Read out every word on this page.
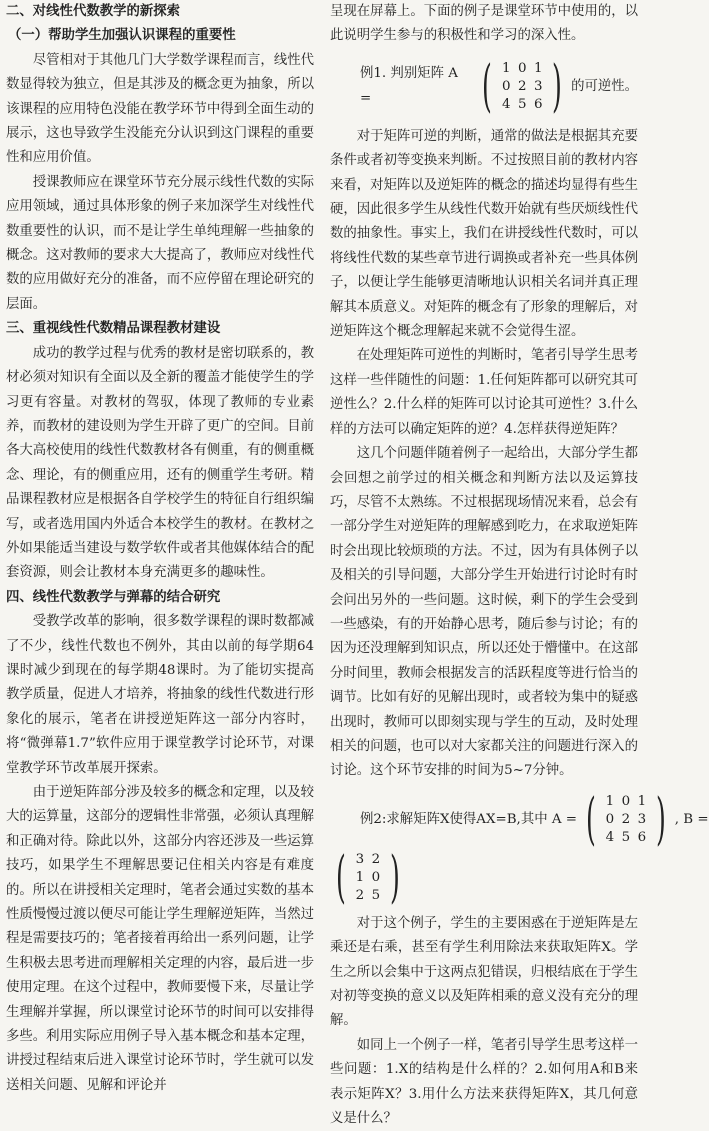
二、对线性代数教学的新探索
（一）帮助学生加强认识课程的重要性
尽管相对于其他几门大学数学课程而言，线性代数显得较为独立，但是其涉及的概念更为抽象，所以该课程的应用特色没能在教学环节中得到全面生动的展示，这也导致学生没能充分认识到这门课程的重要性和应用价值。
授课教师应在课堂环节充分展示线性代数的实际应用领域，通过具体形象的例子来加深学生对线性代数重要性的认识，而不是让学生单纯理解一些抽象的概念。这对教师的要求大大提高了，教师应对线性代数的应用做好充分的准备，而不应停留在理论研究的层面。
三、重视线性代数精品课程教材建设
成功的教学过程与优秀的教材是密切联系的，教材必须对知识有全面以及全新的覆盖才能使学生的学习更有容量。对教材的驾驭，体现了教师的专业素养，而教材的建设则为学生开辟了更广的空间。目前各大高校使用的线性代数教材各有侧重，有的侧重概念、理论，有的侧重应用，还有的侧重学生考研。精品课程教材应是根据各自学校学生的特征自行组织编写，或者选用国内外适合本校学生的教材。在教材之外如果能适当建设与数学软件或者其他媒体结合的配套资源，则会让教材本身充满更多的趣味性。
四、线性代数教学与弹幕的结合研究
受教学改革的影响，很多数学课程的课时数都减了不少，线性代数也不例外，其由以前的每学期64课时减少到现在的每学期48课时。为了能切实提高教学质量，促进人才培养，将抽象的线性代数进行形象化的展示，笔者在讲授逆矩阵这一部分内容时，将“微弹幕1.7”软件应用于课堂教学讨论环节，对课堂教学环节改革展开探索。
由于逆矩阵部分涉及较多的概念和定理，以及较大的运算量，这部分的逻辑性非常强，必须认真理解和正确对待。除此以外，这部分内容还涉及一些运算技巧，如果学生不理解思要记住相关内容是有难度的。所以在讲授相关定理时，笔者会通过实数的基本性质慢慢过渡以便尽可能让学生理解逆矩阵，当然过程是需要技巧的；笔者接着再给出一系列问题，让学生积极去思考进而理解相关定理的内容，最后进一步使用定理。在这个过程中，教师要慢下来，尽量让学生理解并掌握，所以课堂讨论环节的时间可以安排得多些。利用实际应用例子导入基本概念和基本定理，讲授过程结束后进入课堂讨论环节时，学生就可以发送相关问题、见解和评论并
呈现在屏幕上。下面的例子是课堂环节中使用的，以此说明学生参与的积极性和学习的深入性。
例1. 判别矩阵 A =	( 1 0 1
0 2 3
4 5 6 ) 的可逆性。
对于矩阵可逆的判断，通常的做法是根据其充要条件或者初等变换来判断。不过按照目前的教材内容来看，对矩阵以及逆矩阵的概念的描述均显得有些生硬，因此很多学生从线性代数开始就有些厌烦线性代数的抽象性。事实上，我们在讲授线性代数时，可以将线性代数的某些章节进行调换或者补充一些具体例子，以便让学生能够更清晰地认识相关名词并真正理解其本质意义。对矩阵的概念有了形象的理解后，对逆矩阵这个概念理解起来就不会觉得生涩。
在处理矩阵可逆性的判断时，笔者引导学生思考这样一些伴随性的问题：1.任何矩阵都可以研究其可逆性么？2.什么样的矩阵可以讨论其可逆性？3.什么样的方法可以确定矩阵的逆？4.怎样获得逆矩阵？
这几个问题伴随着例子一起给出，大部分学生都会回想之前学过的相关概念和判断方法以及运算技巧，尽管不太熟练。不过根据现场情况来看，总会有一部分学生对逆矩阵的理解感到吃力，在求取逆矩阵时会出现比较烦琐的方法。不过，因为有具体例子以及相关的引导问题，大部分学生开始进行讨论时有时会问出另外的一些问题。这时候，剩下的学生会受到一些感染，有的开始静心思考，随后参与讨论；有的因为还没理解到知识点，所以还处于懵懂中。在这部分时间里，教师会根据发言的活跃程度等进行恰当的调节。比如有好的见解出现时，或者较为集中的疑惑出现时，教师可以即刻实现与学生的互动，及时处理相关的问题，也可以对大家都关注的问题进行深入的讨论。这个环节安排的时间为5~7分钟。
例2:求解矩阵X使得AX=B,其中 A = ( 1 0 1
0 2 3
4 5 6 ) , B =
( 3 2
1 0
2 5 )
对于这个例子，学生的主要困惑在于逆矩阵是左乘还是右乘，甚至有学生利用除法来获取矩阵X。学生之所以会集中于这两点犯错误，归根结底在于学生对初等变换的意义以及矩阵相乘的意义没有充分的理解。
如同上一个例子一样，笔者引导学生思考这样一些问题：1.X的结构是什么样的？2.如何用A和B来表示矩阵X？3.用什么方法来获得矩阵X，其几何意义是什么？
